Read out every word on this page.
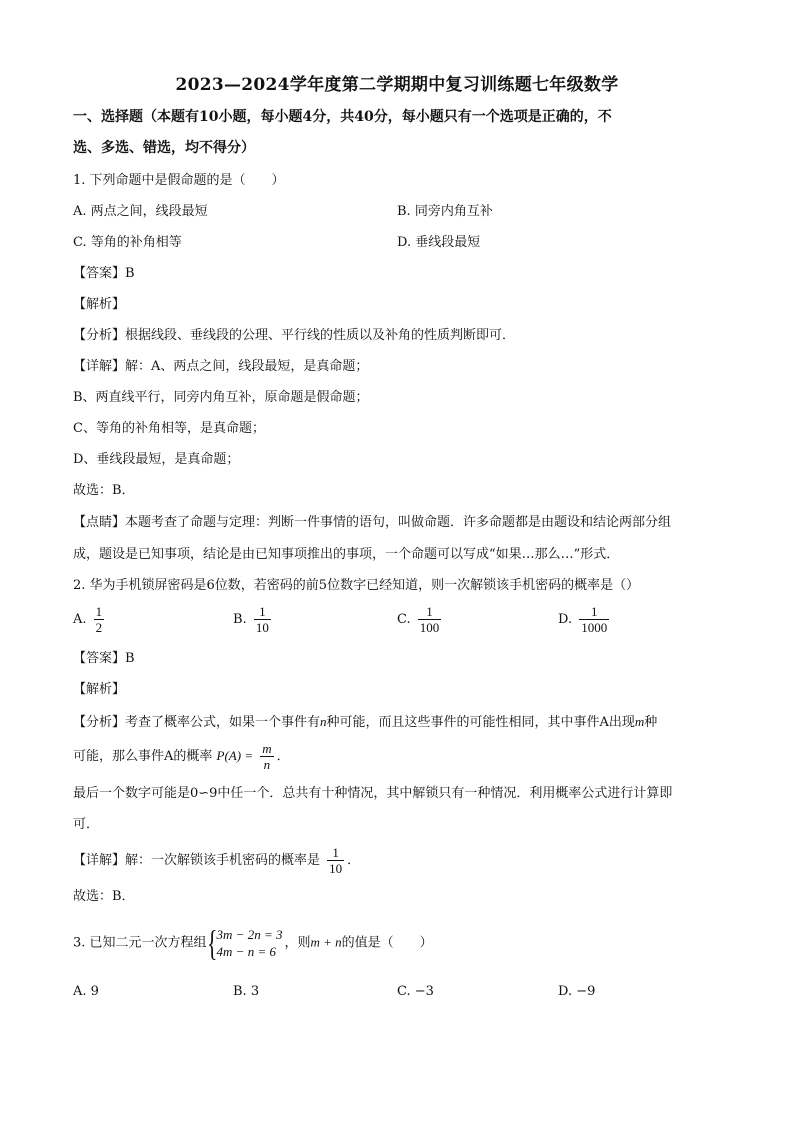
2023—2024学年度第二学期期中复习训练题七年级数学
一、选择题（本题有10小题，每小题4分，共40分，每小题只有一个选项是正确的，不
选、多选、错选，均不得分）
1. 下列命题中是假命题的是（　　）
A. 两点之间，线段最短	B. 同旁内角互补
C. 等角的补角相等	D. 垂线段最短
【答案】B
【解析】
【分析】根据线段、垂线段的公理、平行线的性质以及补角的性质判断即可．
【详解】解：A、两点之间，线段最短，是真命题；
B、两直线平行，同旁内角互补，原命题是假命题；
C、等角的补角相等，是真命题；
D、垂线段最短，是真命题；
故选：B．
【点睛】本题考查了命题与定理：判断一件事情的语句，叫做命题．许多命题都是由题设和结论两部分组
成，题设是已知事项，结论是由已知事项推出的事项，一个命题可以写成“如果…那么…”形式．
2. 华为手机锁屏密码是6位数，若密码的前5位数字已经知道，则一次解锁该手机密码的概率是（）
A. $\frac{1}{2}$	B. $\frac{1}{10}$	C. $\frac{1}{100}$	D. $\frac{1}{1000}$
【答案】B
【解析】
【分析】考查了概率公式，如果一个事件有n种可能，而且这些事件的可能性相同，其中事件A出现m种
可能，那么事件A的概率 $P(A) = \frac{m}{n}$ ．
最后一个数字可能是0∽9中任一个．总共有十种情况，其中解锁只有一种情况．利用概率公式进行计算即
可．
【详解】解：一次解锁该手机密码的概率是 $\frac{1}{10}$ ．
故选：B．
3. 已知二元一次方程组 { 3m − 2n = 3
4m − n = 6
，则m + n的值是（　　）
A. 9	B. 3	C. −3	D. −9
